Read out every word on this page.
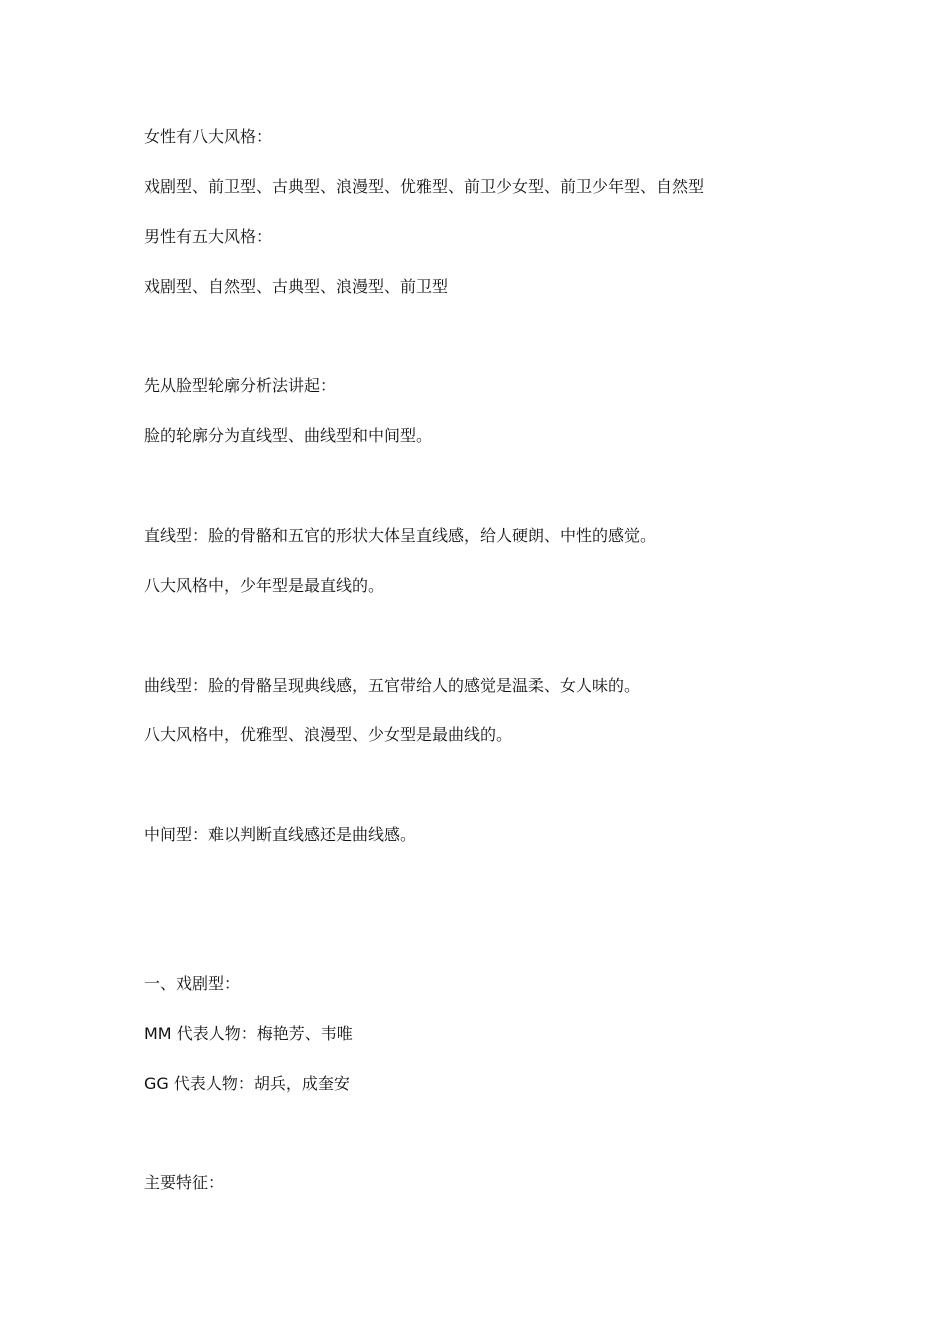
女性有八大风格：
戏剧型、前卫型、古典型、浪漫型、优雅型、前卫少女型、前卫少年型、自然型
男性有五大风格：
戏剧型、自然型、古典型、浪漫型、前卫型
先从脸型轮廓分析法讲起：
脸的轮廓分为直线型、曲线型和中间型。
直线型：脸的骨骼和五官的形状大体呈直线感，给人硬朗、中性的感觉。
八大风格中，少年型是最直线的。
曲线型：脸的骨骼呈现典线感，五官带给人的感觉是温柔、女人味的。
八大风格中，优雅型、浪漫型、少女型是最曲线的。
中间型：难以判断直线感还是曲线感。
一、戏剧型：
MM 代表人物：梅艳芳、韦唯
GG 代表人物：胡兵，成奎安
主要特征：
